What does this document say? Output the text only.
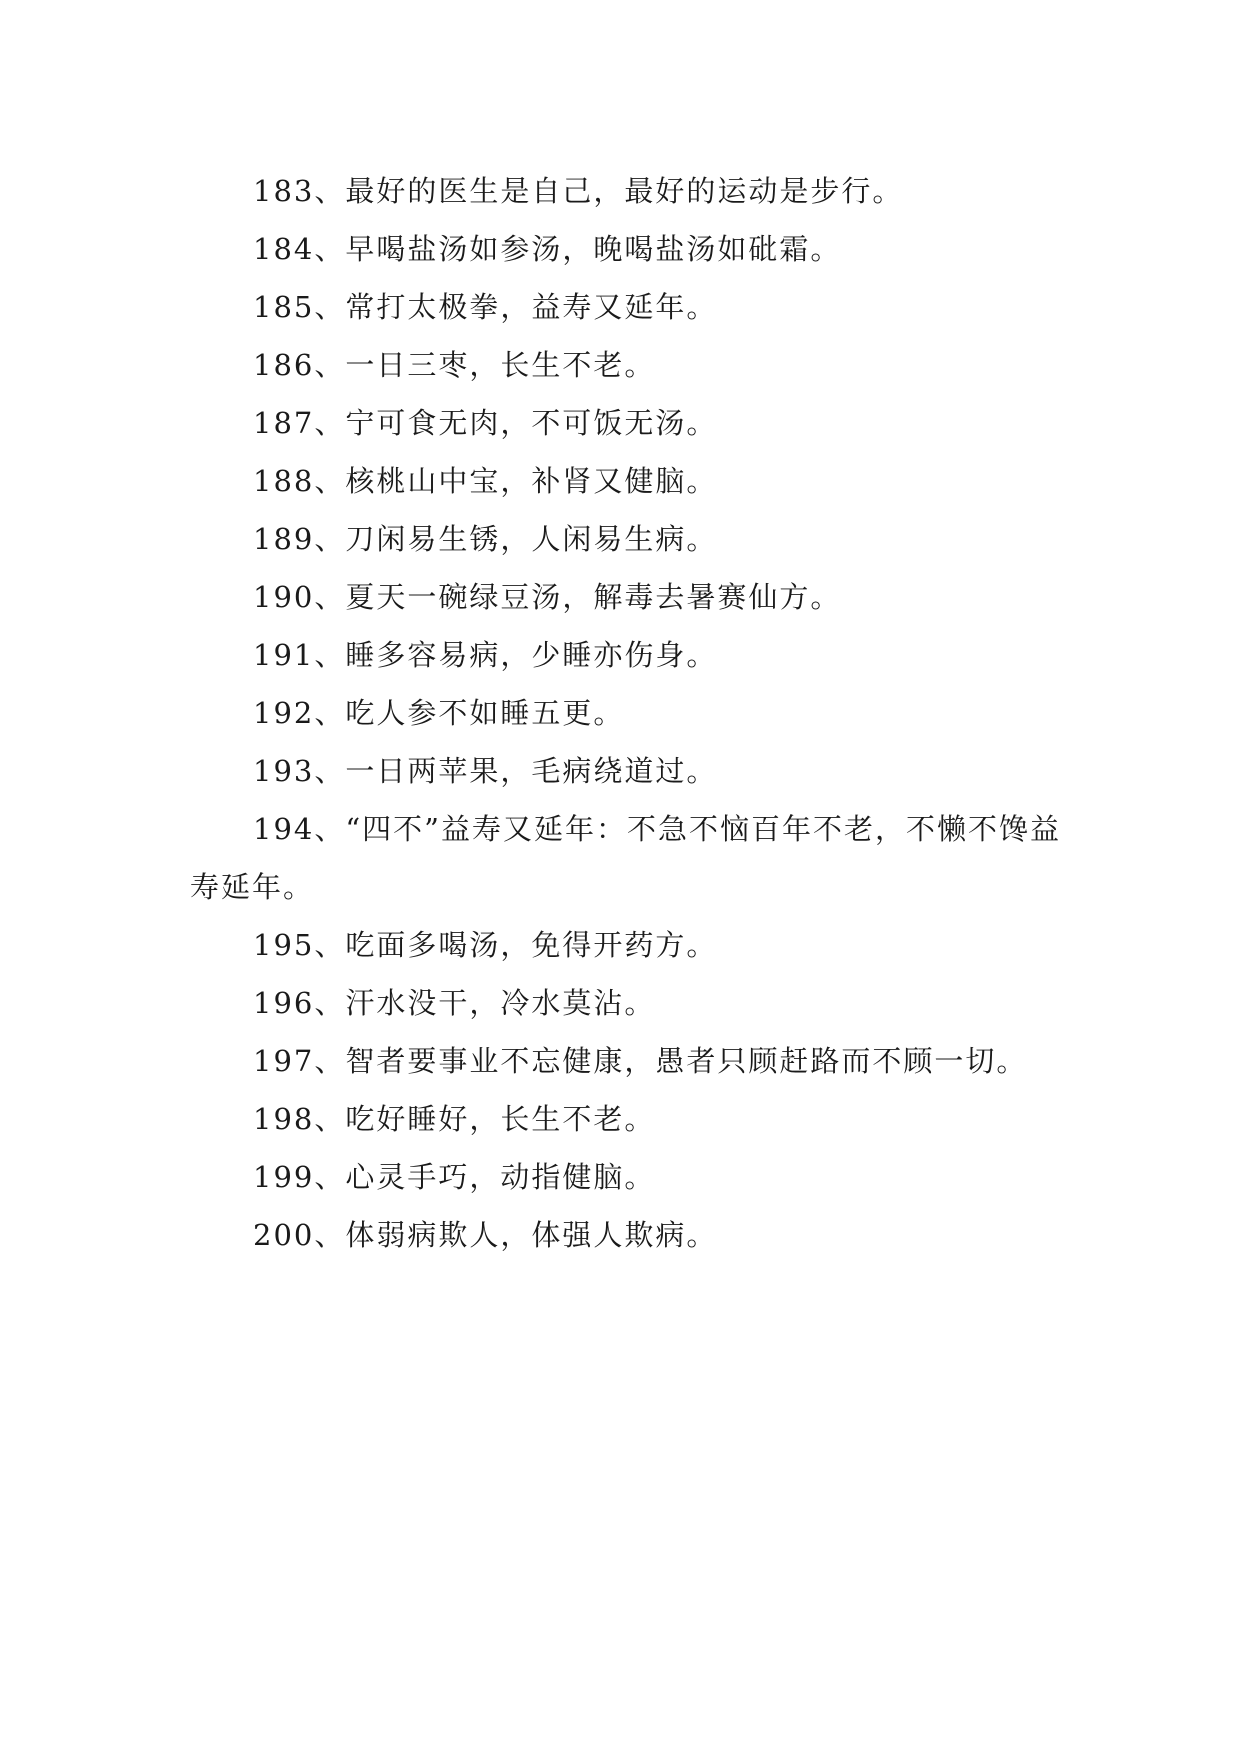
183、最好的医生是自己，最好的运动是步行。

184、早喝盐汤如参汤，晚喝盐汤如砒霜。

185、常打太极拳，益寿又延年。

186、一日三枣，长生不老。

187、宁可食无肉，不可饭无汤。

188、核桃山中宝，补肾又健脑。

189、刀闲易生锈，人闲易生病。

190、夏天一碗绿豆汤，解毒去暑赛仙方。

191、睡多容易病，少睡亦伤身。

192、吃人参不如睡五更。

193、一日两苹果，毛病绕道过。

194、“四不”益寿又延年：不急不恼百年不老，不懒不馋益寿延年。

195、吃面多喝汤，免得开药方。

196、汗水没干，冷水莫沾。

197、智者要事业不忘健康，愚者只顾赶路而不顾一切。

198、吃好睡好，长生不老。

199、心灵手巧，动指健脑。

200、体弱病欺人，体强人欺病。
